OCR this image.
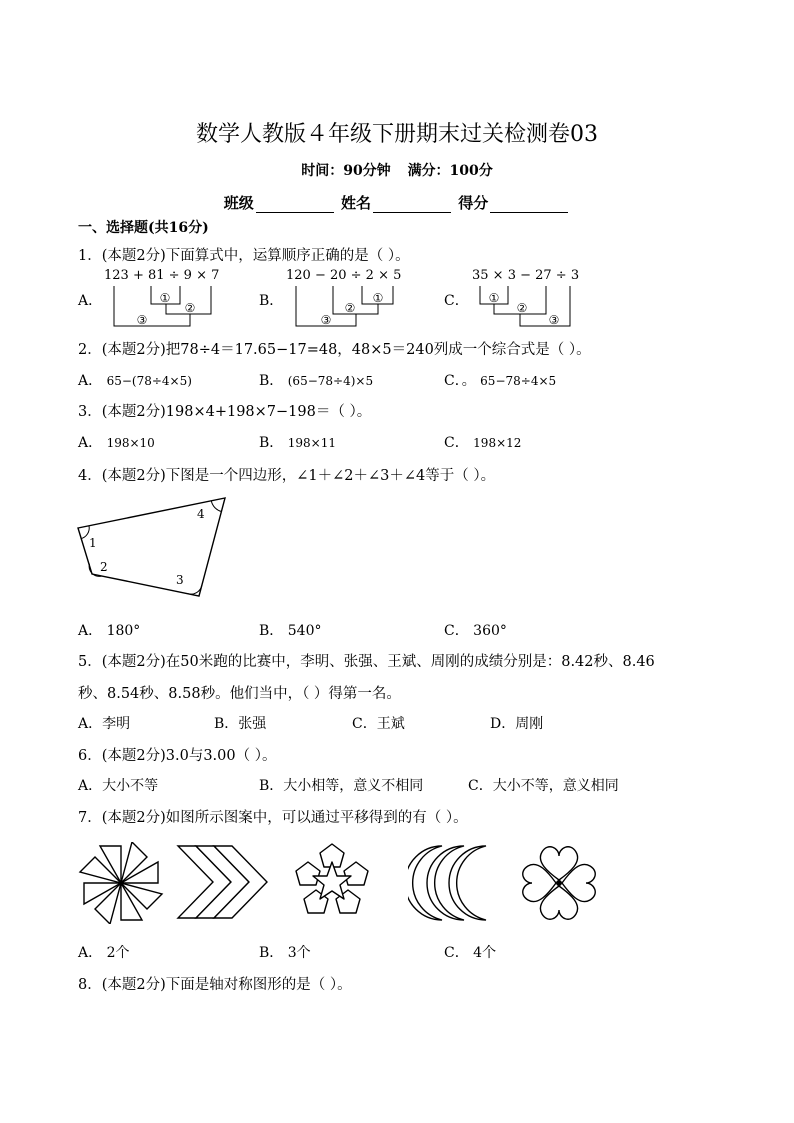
数学人教版４年级下册期末过关检测卷03
时间：90分钟 满分：100分
班级	姓名	得分
一、选择题(共16分)
1．(本题2分)下面算式中，运算顺序正确的是（ ）。
A．
123 + 81 ÷ 9 × 7
①
②
③
B．
120 − 20 ÷ 2 × 5
①
②
③
C．
35 × 3 − 27 ÷ 3
①
②
③
2．(本题2分)把78÷4＝17.65−17=48，48×5＝240列成一个综合式是（ ）。
A． 65−(78÷4×5)	B． (65−78÷4)×5	C．。 65−78÷4×5
3．(本题2分)198×4+198×7−198＝（ ）。
A． 198×10	B． 198×11	C． 198×12
4．(本题2分)下图是一个四边形，∠1＋∠2＋∠3＋∠4等于（ ）。
1
2
3
4
A． 180°	B． 540°	C． 360°
5．(本题2分)在50米跑的比赛中，李明、张强、王斌、周刚的成绩分别是：8.42秒、8.46
秒、8.54秒、8.58秒。他们当中，（ ）得第一名。
A．李明	B．张强	C．王斌	D．周刚
6．(本题2分)3.0与3.00（ ）。
A．大小不等	B．大小相等，意义不相同	C．大小不等，意义相同
7．(本题2分)如图所示图案中，可以通过平移得到的有（ ）。
A． 2个	B． 3个	C． 4个
8．(本题2分)下面是轴对称图形的是（ ）。
